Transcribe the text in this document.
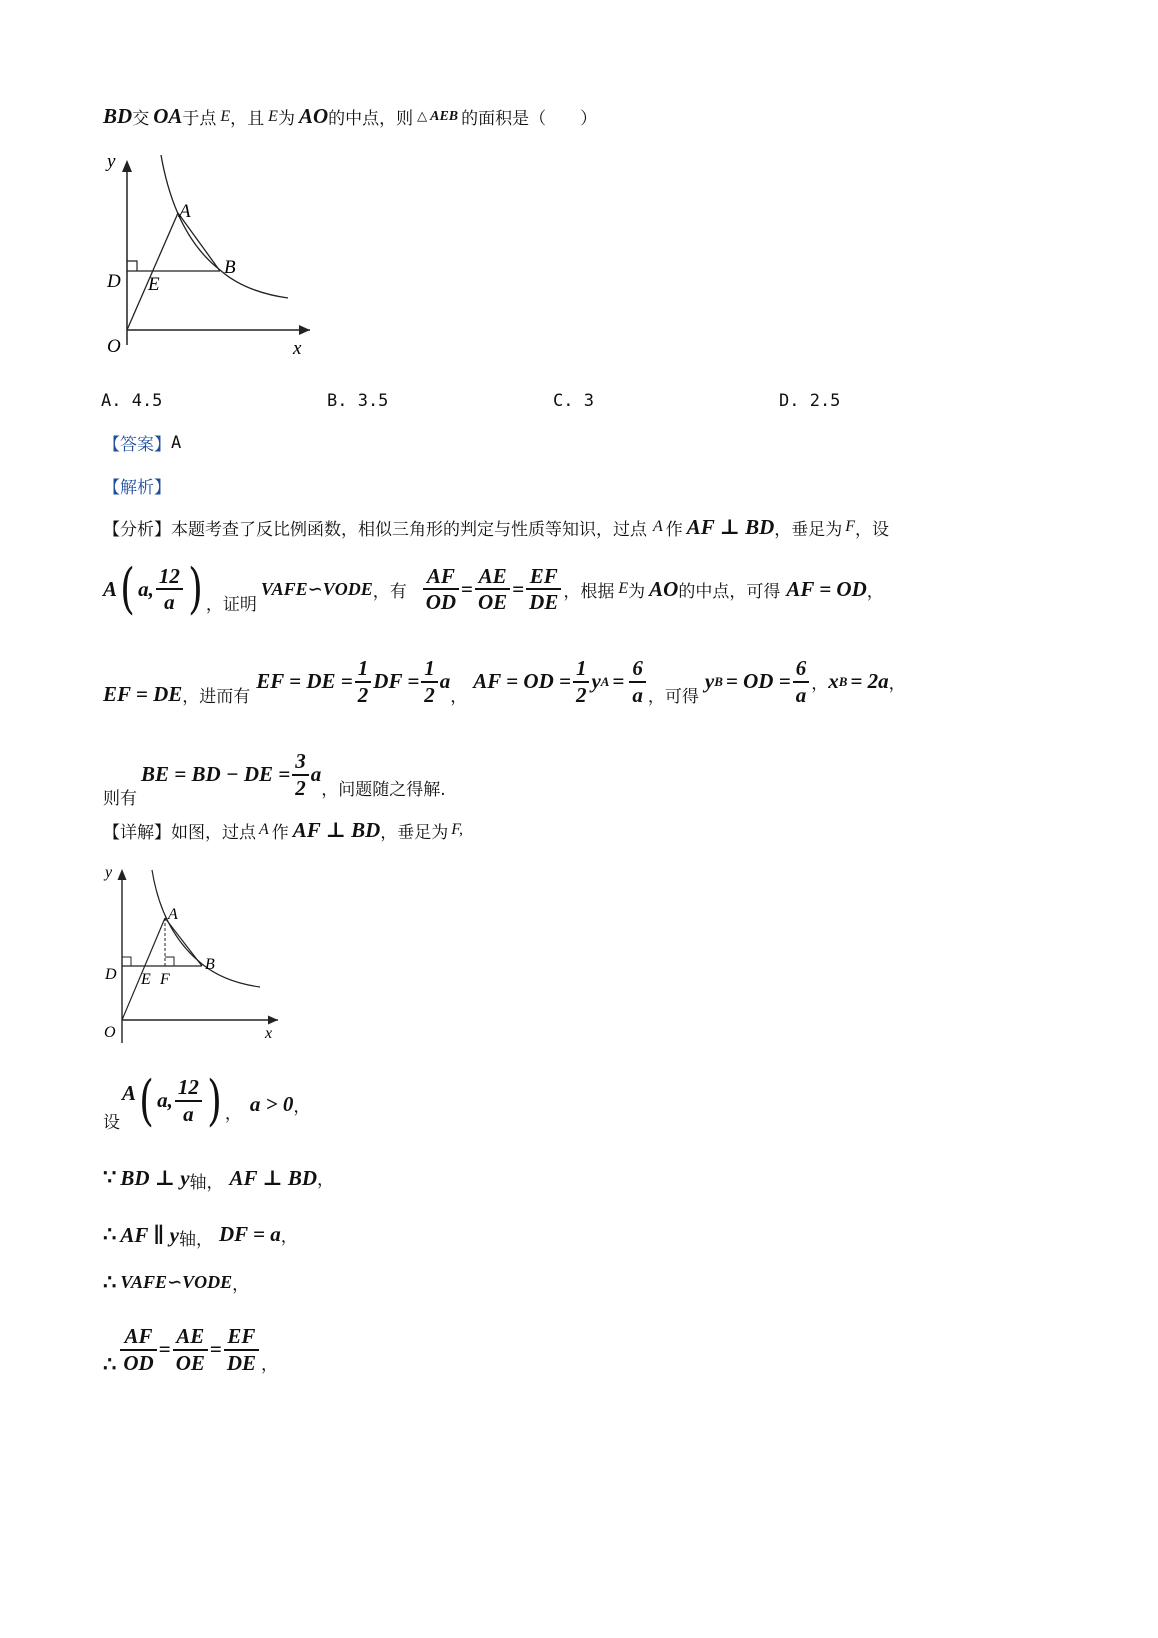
BD 交 OA 于点 E ，且 E 为 AO 的中点，则 △ AEB 的面积是（　　）
y
x
O
A
B
D E
A. 4.5	B. 3.5	C. 3	D. 2.5
【答案】 A
【解析】
【分析】 本题考查了反比例函数，相似三角形的判定与性质等知识，过点 A 作 AF ⊥ BD ，垂足为 F ，设
A ( a, $\frac{12}{a}$ ) ，证明
VAFE∽VODE ，有 $\frac{AF}{OD} = \frac{AE}{OE} = \frac{EF}{DE}$ ，根据 E 为 AO 的中点，可得 AF = OD ，
EF = DE ，进而有
EF = DE = $\frac{1}{2}$ DF = $\frac{1}{2}$ a
，
AF = OD = $\frac{1}{2}$ y $A = \frac{6}{a}$ ，可得
y B = OD = $\frac{6}{a}$ ， x B = 2a ，
则有
BE = BD − DE = $\frac{3}{2}$ a
，问题随之得解.
【详解】 如图，过点 A 作 AF ⊥ BD ，垂足为 F,
y
x
O
A
B
D E F
设
A ( a, $\frac{12}{a}$ ) ， a > 0 ，
∵ BD ⊥ y 轴， AF ⊥ BD ，
∴ AF ∥ y 轴， DF = a ，
∴ VAFE∽VODE ，
∴ $\frac{AF}{OD} = \frac{AE}{OE} = \frac{EF}{DE}$ ，
